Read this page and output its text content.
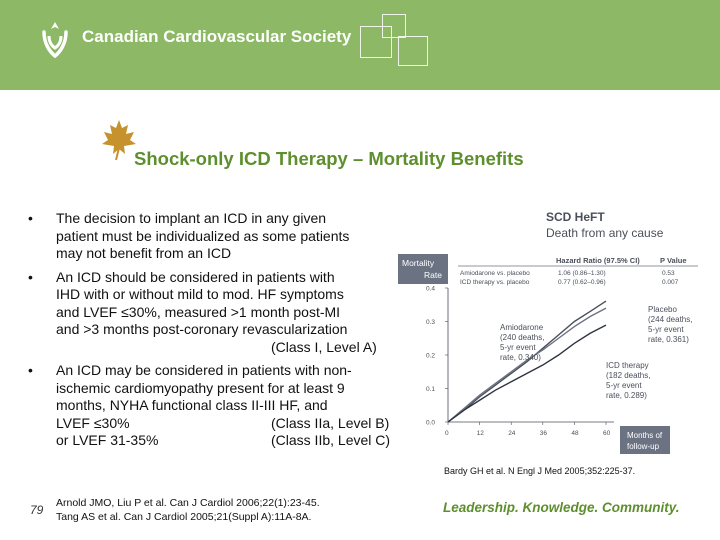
Canadian Cardiovascular Society
Shock-only ICD Therapy – Mortality Benefits
• The decision to implant an ICD in any given
patient must be individualized as some patients
may not benefit from an ICD
• An ICD should be considered in patients with
IHD with or without mild to mod. HF symptoms
and LVEF ≤30%, measured >1 month post-MI
and >3 months post-coronary revascularization
(Class I, Level A)
• An ICD may be considered in patients with non-
ischemic cardiomyopathy present for at least 9
months, NYHA functional class II-III HF, and
LVEF ≤30%	(Class IIa, Level B)
or LVEF 31-35%	(Class IIb, Level C)
79 Arnold JMO, Liu P et al. Can J Cardiol 2006;22(1):23-45.
Tang AS et al. Can J Cardiol 2005;21(Suppl A):11A-8A.
SCD HeFT
Death from any cause
Mortality
Rate
Hazard Ratio (97.5% CI)	P Value
Amiodarone vs. placebo	1.06 (0.86–1.30)	0.53
ICD therapy vs. placebo	0.77 (0.62–0.96)	0.007
0.0
0.1
0.2
0.3
0.4
0	12	24	36	48	60 Months of
follow-up
Placebo
(244 deaths,
5-yr event
rate, 0.361)
Amiodarone
(240 deaths,
5-yr event
rate, 0.340)
ICD therapy
(182 deaths,
5-yr event
rate, 0.289)
Bardy GH et al. N Engl J Med 2005;352:225-37.
Leadership. Knowledge. Community.
